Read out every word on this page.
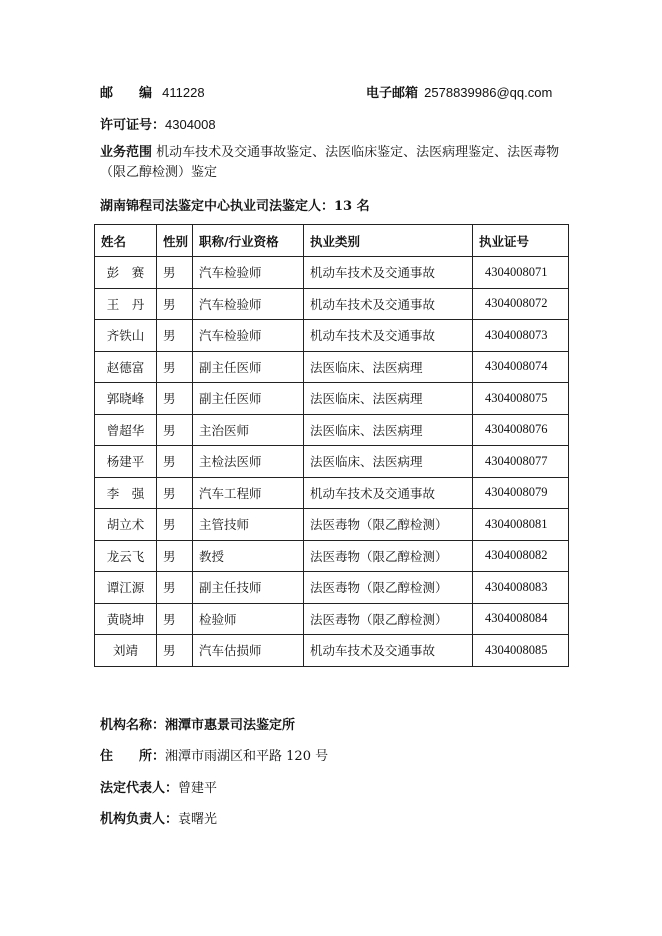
邮　　编 411228	电子邮箱 2578839986@qq.com
许可证号：4304008
业务范围 机动车技术及交通事故鉴定、法医临床鉴定、法医病理鉴定、法医毒物（限乙醇检测）鉴定
湖南锦程司法鉴定中心执业司法鉴定人：13 名
姓名	性别	职称/行业资格	执业类别	执业证号
彭　赛	男	汽车检验师	机动车技术及交通事故	4304008071
王　丹	男	汽车检验师	机动车技术及交通事故	4304008072
齐铁山	男	汽车检验师	机动车技术及交通事故	4304008073
赵德富	男	副主任医师	法医临床、法医病理	4304008074
郭晓峰	男	副主任医师	法医临床、法医病理	4304008075
曾超华	男	主治医师	法医临床、法医病理	4304008076
杨建平	男	主检法医师	法医临床、法医病理	4304008077
李　强	男	汽车工程师	机动车技术及交通事故	4304008079
胡立术	男	主管技师	法医毒物（限乙醇检测）	4304008081
龙云飞	男	教授	法医毒物（限乙醇检测）	4304008082
谭江源	男	副主任技师	法医毒物（限乙醇检测）	4304008083
黄晓坤	男	检验师	法医毒物（限乙醇检测）	4304008084
刘靖	男	汽车估损师	机动车技术及交通事故	4304008085
机构名称：湘潭市惠景司法鉴定所
住　　所：湘潭市雨湖区和平路 120 号
法定代表人：曾建平
机构负责人：袁曙光
